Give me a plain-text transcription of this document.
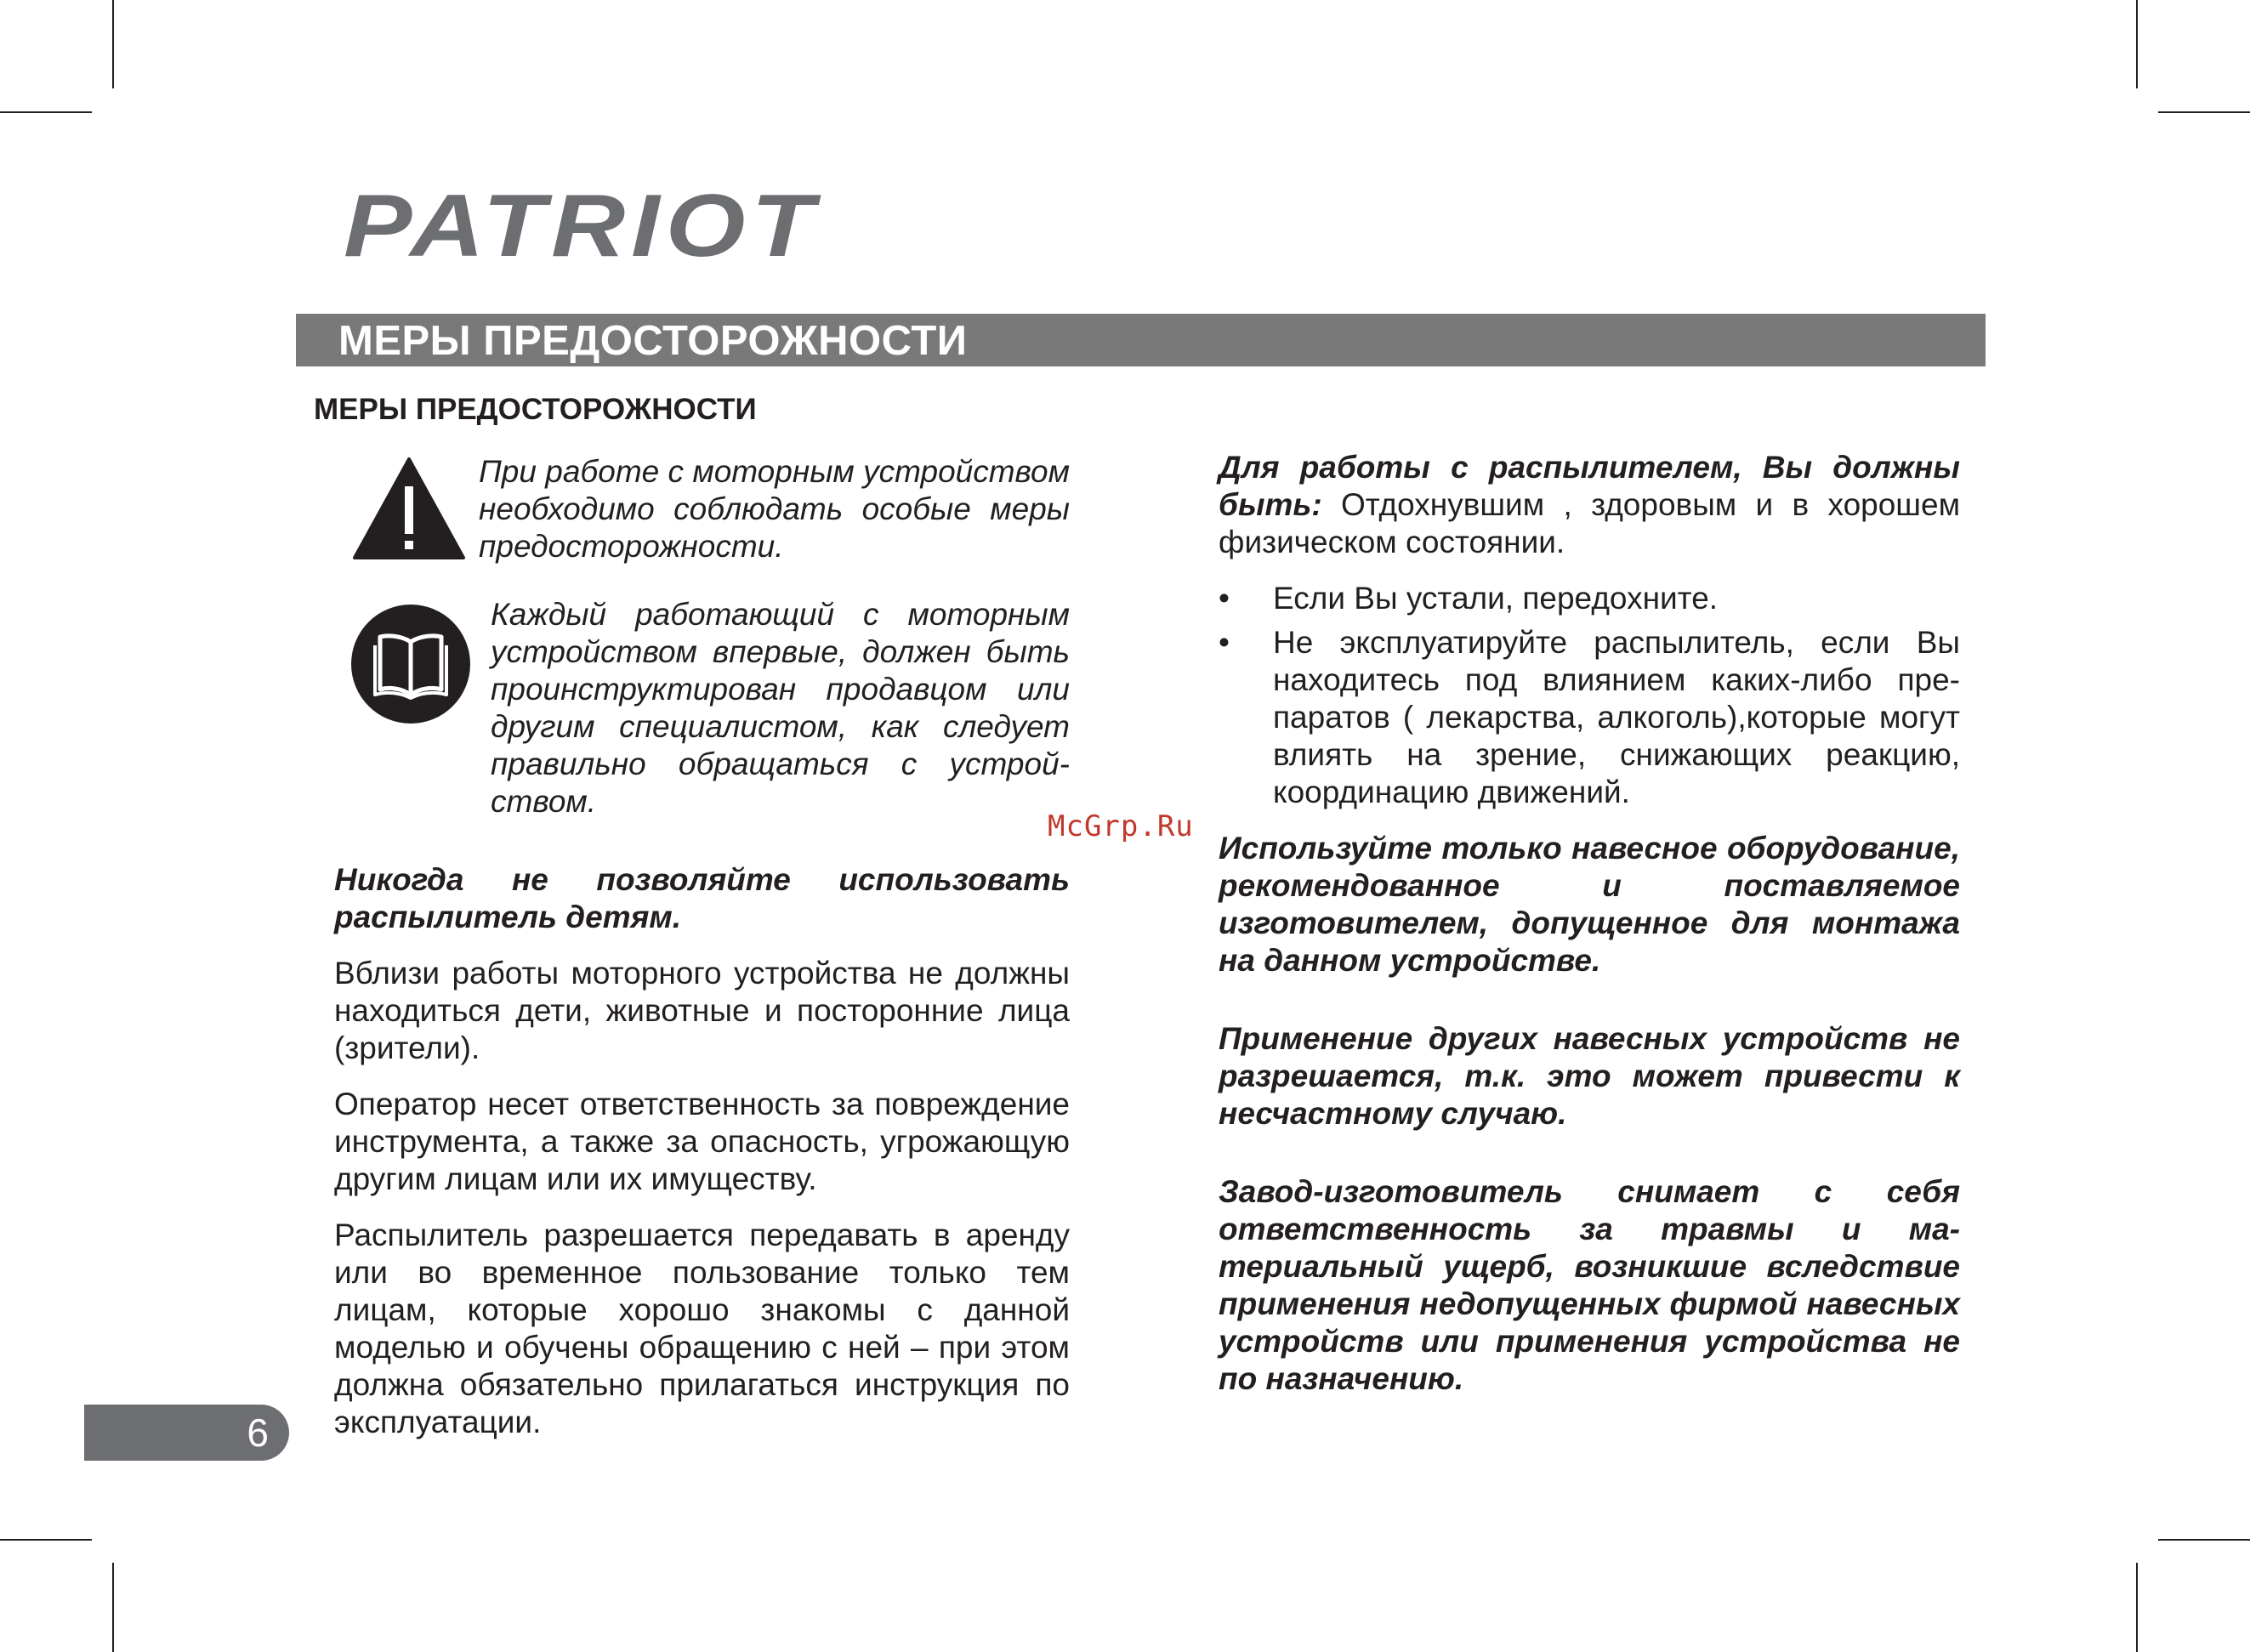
PATRIOT
МЕРЫ ПРЕДОСТОРОЖНОСТИ
МЕРЫ ПРЕДОСТОРОЖНОСТИ

При работе с моторным устройством необходимо соблюдать особые меры предосторожности.

Каждый работающий с моторным устройством впервые, должен быть проинструктирован продавцом или другим специалистом, как следует правильно обращаться с устройством.

Никогда не позволяйте использовать распылитель детям.

Вблизи работы моторного устройства не должны находиться дети, животные и посторонние лица (зрители).

Оператор несет ответственность за повреждение инструмента, а также за опасность, угрожающую другим лицам или их имуществу.

Распылитель разрешается передавать в аренду или во временное пользование только тем лицам, которые хорошо знакомы с данной моделью и обучены обращению с ней – при этом должна обязательно прилагаться инструкция по эксплуатации.

Для работы с распылителем, Вы должны быть: Отдохнувшим , здоровым и в хорошем физическом состоянии.

• Если Вы устали, передохните.
• Не эксплуатируйте распылитель, если Вы находитесь под влиянием каких-либо препаратов ( лекарства, алкоголь),которые могут влиять на зрение, снижающих реакцию, координацию движений.

Используйте только навесное оборудование, рекомендованное и поставляемое изготовителем, допущенное для монтажа на данном устройстве.

Применение других навесных устройств не разрешается, т.к. это может привести к несчастному случаю.

Завод-изготовитель снимает с себя ответственность за травмы и материальный ущерб, возникшие вследствие применения недопущенных фирмой навесных устройств или применения устройства не по назначению.

McGrp.Ru

6
